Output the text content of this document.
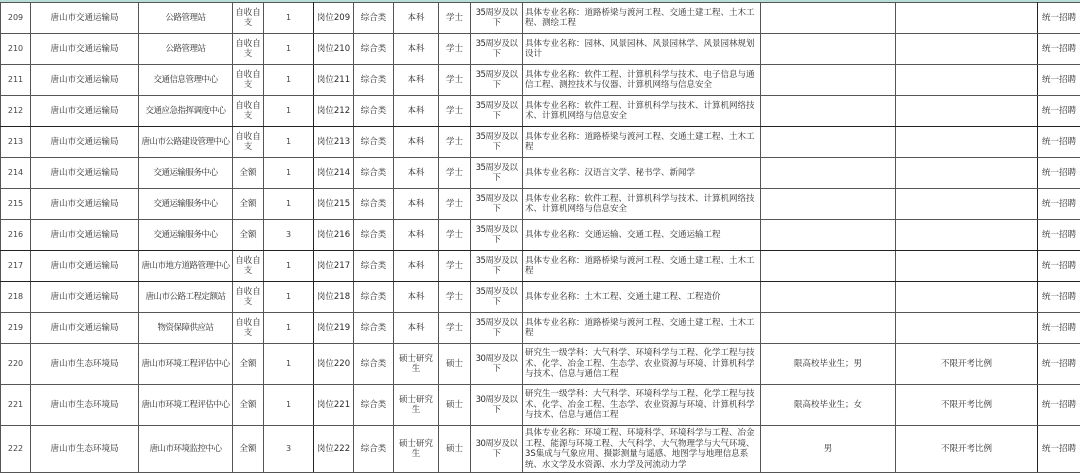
209	唐山市交通运输局	公路管理站	自收自支	1	岗位209	综合类	本科	学士	35周岁及以下	具体专业名称：道路桥梁与渡河工程、交通土建工程、土木工程、测绘工程			统一招聘
210	唐山市交通运输局	公路管理站	自收自支	1	岗位210	综合类	本科	学士	35周岁及以下	具体专业名称：园林、风景园林、风景园林学、风景园林规划设计			统一招聘
211	唐山市交通运输局	交通信息管理中心	自收自支	1	岗位211	综合类	本科	学士	35周岁及以下	具体专业名称：软件工程、计算机科学与技术、电子信息与通信工程、测控技术与仪器、计算机网络与信息安全			统一招聘
212	唐山市交通运输局	交通应急指挥调度中心	自收自支	1	岗位212	综合类	本科	学士	35周岁及以下	具体专业名称：软件工程、计算机科学与技术、计算机网络技术、计算机网络与信息安全			统一招聘
213	唐山市交通运输局	唐山市公路建设管理中心	自收自支	1	岗位213	综合类	本科	学士	35周岁及以下	具体专业名称：道路桥梁与渡河工程、交通土建工程、土木工程			统一招聘
214	唐山市交通运输局	交通运输服务中心	全额	1	岗位214	综合类	本科	学士	35周岁及以下	具体专业名称：汉语言文学、秘书学、新闻学			统一招聘
215	唐山市交通运输局	交通运输服务中心	全额	1	岗位215	综合类	本科	学士	35周岁及以下	具体专业名称：软件工程、计算机科学与技术、计算机网络技术、计算机网络与信息安全			统一招聘
216	唐山市交通运输局	交通运输服务中心	全额	3	岗位216	综合类	本科	学士	35周岁及以下	具体专业名称：交通运输、交通工程、交通运输工程			统一招聘
217	唐山市交通运输局	唐山市地方道路管理中心	自收自支	1	岗位217	综合类	本科	学士	35周岁及以下	具体专业名称：道路桥梁与渡河工程、交通土建工程、土木工程			统一招聘
218	唐山市交通运输局	唐山市公路工程定额站	自收自支	1	岗位218	综合类	本科	学士	35周岁及以下	具体专业名称：土木工程、交通土建工程、工程造价			统一招聘
219	唐山市交通运输局	物资保障供应站	自收自支	1	岗位219	综合类	本科	学士	35周岁及以下	具体专业名称：道路桥梁与渡河工程、交通土建工程、土木工程			统一招聘
220	唐山市生态环境局	唐山市环境工程评估中心	全额	1	岗位220	综合类	硕士研究生	硕士	30周岁及以下	研究生一级学科：大气科学、环境科学与工程、化学工程与技术、化学、冶金工程、生态学、农业资源与环境、计算机科学与技术、信息与通信工程	限高校毕业生；男	不限开考比例	统一招聘
221	唐山市生态环境局	唐山市环境工程评估中心	全额	1	岗位221	综合类	硕士研究生	硕士	30周岁及以下	研究生一级学科：大气科学、环境科学与工程、化学工程与技术、化学、冶金工程、生态学、农业资源与环境、计算机科学与技术、信息与通信工程	限高校毕业生；女	不限开考比例	统一招聘
222	唐山市生态环境局	唐山市环境监控中心	全额	3	岗位222	综合类	硕士研究生	硕士	30周岁及以下	具体专业名称：环境工程、环境科学、环境科学与工程、冶金工程、能源与环境工程、大气科学、大气物理学与大气环境、3S集成与气象应用、摄影测量与遥感、地图学与地理信息系统、水文学及水资源、水力学及河流动力学	男	不限开考比例	统一招聘
